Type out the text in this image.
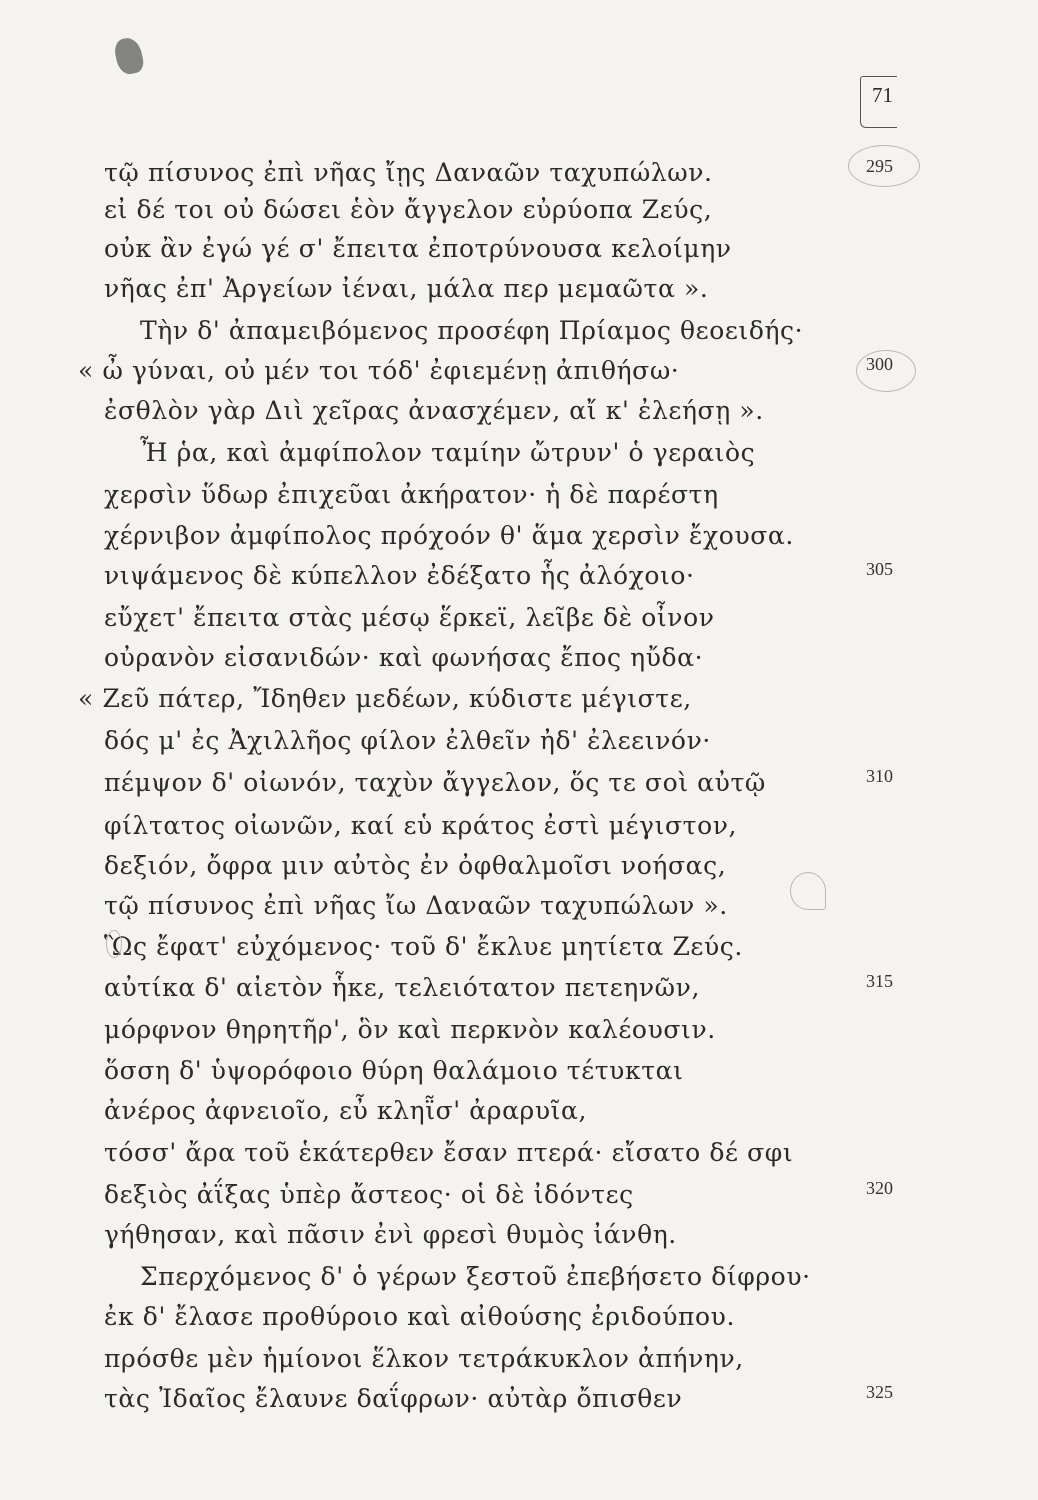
71
τῷ πίσυνος ἐπὶ νῆας ἴῃς Δαναῶν ταχυπώλων.	295
εἰ δέ τοι οὐ δώσει ἑὸν ἄγγελον εὐρύοπα Ζεύς,
οὐκ ἂν ἐγώ γέ σ' ἔπειτα ἐποτρύνουσα κελοίμην
νῆας ἐπ' Ἀργείων ἰέναι, μάλα περ μεμαῶτα ».
Τὴν δ' ἀπαμειβόμενος προσέφη Πρίαμος θεοειδής·
« ὦ γύναι, οὐ μέν τοι τόδ' ἐφιεμένῃ ἀπιθήσω·	300
ἐσθλὸν γὰρ Διὶ χεῖρας ἀνασχέμεν, αἴ κ' ἐλεήσῃ ».
Ἦ ῥα, καὶ ἀμφίπολον ταμίην ὤτρυν' ὁ γεραιὸς
χερσὶν ὕδωρ ἐπιχεῦαι ἀκήρατον· ἡ δὲ παρέστη
χέρνιβον ἀμφίπολος πρόχοόν θ' ἅμα χερσὶν ἔχουσα.
νιψάμενος δὲ κύπελλον ἐδέξατο ἧς ἀλόχοιο·	305
εὔχετ' ἔπειτα στὰς μέσῳ ἕρκεϊ, λεῖβε δὲ οἶνον
οὐρανὸν εἰσανιδών· καὶ φωνήσας ἔπος ηὔδα·
« Ζεῦ πάτερ, Ἴδηθεν μεδέων, κύδιστε μέγιστε,
δός μ' ἐς Ἀχιλλῆος φίλον ἐλθεῖν ἠδ' ἐλεεινόν·
πέμψον δ' οἰωνόν, ταχὺν ἄγγελον, ὅς τε σοὶ αὐτῷ	310
φίλτατος οἰωνῶν, καί εὑ κράτος ἐστὶ μέγιστον,
δεξιόν, ὄφρα μιν αὐτὸς ἐν ὀφθαλμοῖσι νοήσας,
τῷ πίσυνος ἐπὶ νῆας ἴω Δαναῶν ταχυπώλων ».
Ὣς ἔφατ' εὐχόμενος· τοῦ δ' ἔκλυε μητίετα Ζεύς.
αὐτίκα δ' αἰετὸν ἧκε, τελειότατον πετεηνῶν,	315
μόρφνον θηρητῆρ', ὃν καὶ περκνὸν καλέουσιν.
ὅσση δ' ὑψορόφοιο θύρη θαλάμοιο τέτυκται
ἀνέρος ἀφνειοῖο, εὖ κληῗσ' ἀραρυῖα,
τόσσ' ἄρα τοῦ ἑκάτερθεν ἔσαν πτερά· εἴσατο δέ σφι
δεξιὸς ἀΐξας ὑπὲρ ἄστεος· οἱ δὲ ἰδόντες	320
γήθησαν, καὶ πᾶσιν ἐνὶ φρεσὶ θυμὸς ἰάνθη.
Σπερχόμενος δ' ὁ γέρων ξεστοῦ ἐπεβήσετο δίφρου·
ἐκ δ' ἔλασε προθύροιο καὶ αἰθούσης ἐριδούπου.
πρόσθε μὲν ἡμίονοι ἕλκον τετράκυκλον ἀπήνην,
τὰς Ἰδαῖος ἔλαυνε δαΐφρων· αὐτὰρ ὄπισθεν	325
